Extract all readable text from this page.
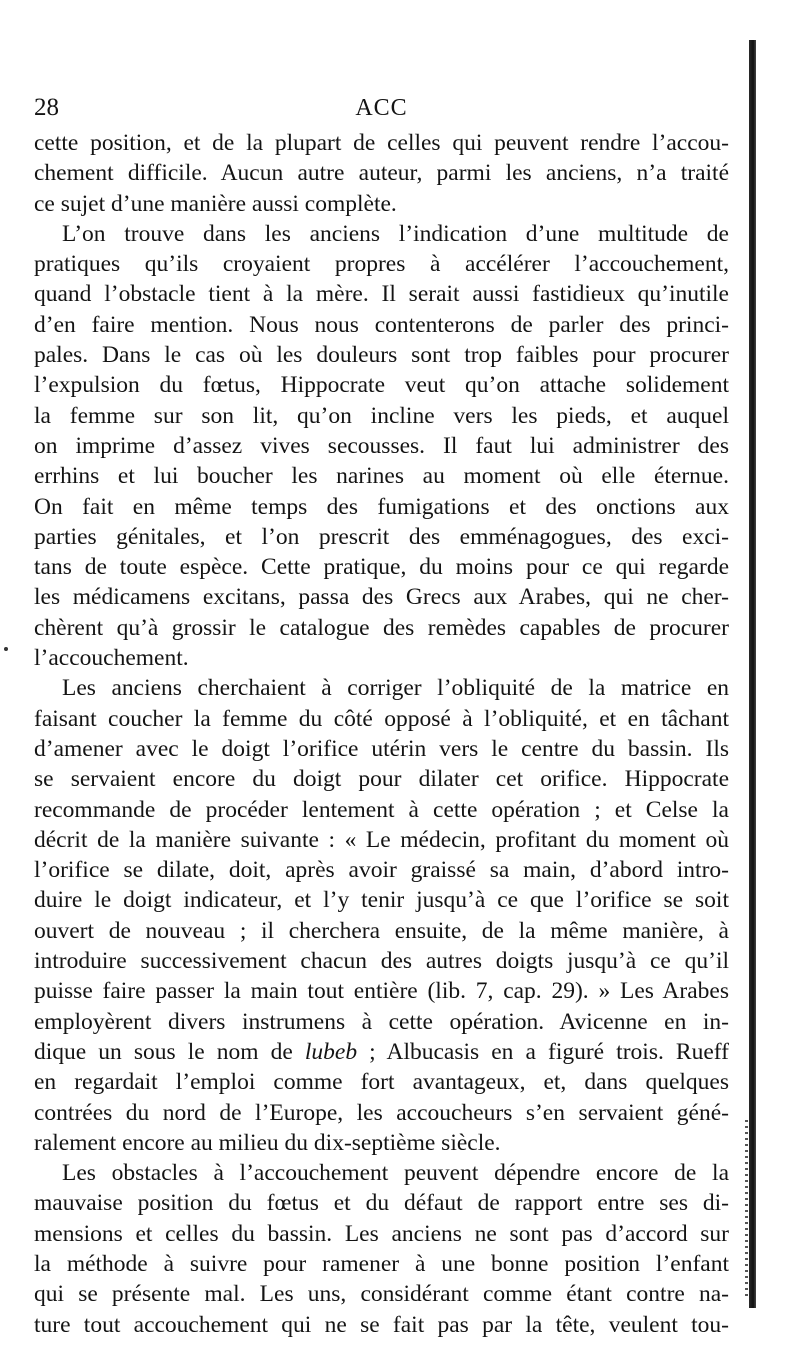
ACC
28
cette position, et de la plupart de celles qui peuvent rendre l’accou-
chement difficile. Aucun autre auteur, parmi les anciens, n’a traité
ce sujet d’une manière aussi complète.
L’on trouve dans les anciens l’indication d’une multitude de
pratiques qu’ils croyaient propres à accélérer l’accouchement,
quand l’obstacle tient à la mère. Il serait aussi fastidieux qu’inutile
d’en faire mention. Nous nous contenterons de parler des princi-
pales. Dans le cas où les douleurs sont trop faibles pour procurer
l’expulsion du fœtus, Hippocrate veut qu’on attache solidement
la femme sur son lit, qu’on incline vers les pieds, et auquel
on imprime d’assez vives secousses. Il faut lui administrer des
errhins et lui boucher les narines au moment où elle éternue.
On fait en même temps des fumigations et des onctions aux
parties génitales, et l’on prescrit des emménagogues, des exci-
tans de toute espèce. Cette pratique, du moins pour ce qui regarde
les médicamens excitans, passa des Grecs aux Arabes, qui ne cher-
chèrent qu’à grossir le catalogue des remèdes capables de procurer
l’accouchement.
Les anciens cherchaient à corriger l’obliquité de la matrice en
faisant coucher la femme du côté opposé à l’obliquité, et en tâchant
d’amener avec le doigt l’orifice utérin vers le centre du bassin. Ils
se servaient encore du doigt pour dilater cet orifice. Hippocrate
recommande de procéder lentement à cette opération ; et Celse la
décrit de la manière suivante : « Le médecin, profitant du moment où
l’orifice se dilate, doit, après avoir graissé sa main, d’abord intro-
duire le doigt indicateur, et l’y tenir jusqu’à ce que l’orifice se soit
ouvert de nouveau ; il cherchera ensuite, de la même manière, à
introduire successivement chacun des autres doigts jusqu’à ce qu’il
puisse faire passer la main tout entière (lib. 7, cap. 29). » Les Arabes
employèrent divers instrumens à cette opération. Avicenne en in-
dique un sous le nom de lubeb ; Albucasis en a figuré trois. Rueff
en regardait l’emploi comme fort avantageux, et, dans quelques
contrées du nord de l’Europe, les accoucheurs s’en servaient géné-
ralement encore au milieu du dix-septième siècle.
Les obstacles à l’accouchement peuvent dépendre encore de la
mauvaise position du fœtus et du défaut de rapport entre ses di-
mensions et celles du bassin. Les anciens ne sont pas d’accord sur
la méthode à suivre pour ramener à une bonne position l’enfant
qui se présente mal. Les uns, considérant comme étant contre na-
ture tout accouchement qui ne se fait pas par la tête, veulent tou-
